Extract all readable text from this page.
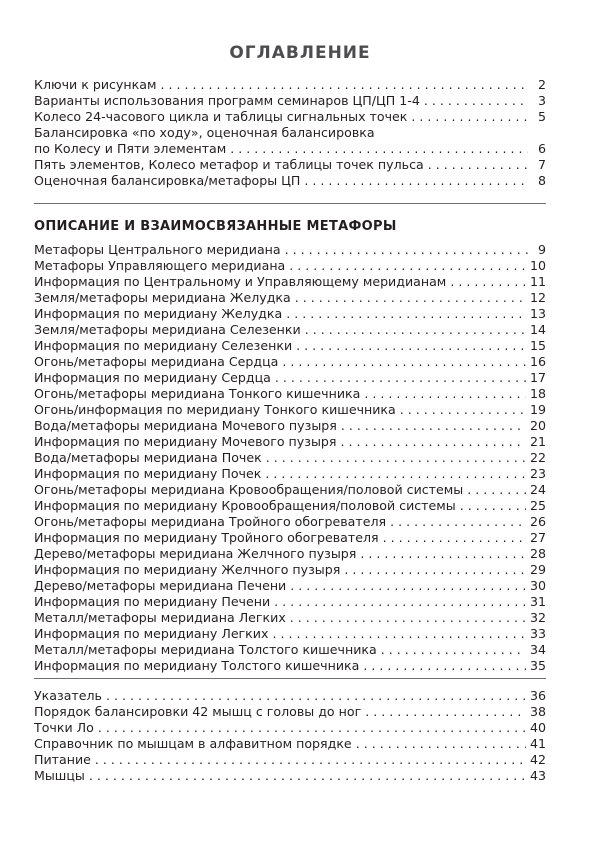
ОГЛАВЛЕНИЕ
Ключи к рисункам . . .	2
Варианты использования программ семинаров ЦП/ЦП 1-4 . . .	3
Колесо 24-часового цикла и таблицы сигнальных точек . . .	5
Балансировка «по ходу», оценочная балансировка
по Колесу и Пяти элементам . . .	6
Пять элементов, Колесо метафор и таблицы точек пульса . . .	7
Оценочная балансировка/метафоры ЦП . . .	8
ОПИСАНИЕ И ВЗАИМОСВЯЗАННЫЕ МЕТАФОРЫ
Метафоры Центрального меридиана . . .	9
Метафоры Управляющего меридиана . . .	10
Информация по Центральному и Управляющему меридианам . . .	11
Земля/метафоры меридиана Желудка . . .	12
Информация по меридиану Желудка . . .	13
Земля/метафоры меридиана Селезенки . . .	14
Информация по меридиану Селезенки . . .	15
Огонь/метафоры меридиана Сердца . . .	16
Информация по меридиану Сердца . . .	17
Огонь/метафоры меридиана Тонкого кишечника . . .	18
Огонь/информация по меридиану Тонкого кишечника . . .	19
Вода/метафоры меридиана Мочевого пузыря . . .	20
Информация по меридиану Мочевого пузыря . . .	21
Вода/метафоры меридиана Почек . . .	22
Информация по меридиану Почек . . .	23
Огонь/метафоры меридиана Кровообращения/половой системы . . .	24
Информация по меридиану Кровообращения/половой системы . . .	25
Огонь/метафоры меридиана Тройного обогревателя . . .	26
Информация по меридиану Тройного обогревателя . . .	27
Дерево/метафоры меридиана Желчного пузыря . . .	28
Информация по меридиану Желчного пузыря . . .	29
Дерево/метафоры меридиана Печени . . .	30
Информация по меридиану Печени . . .	31
Металл/метафоры меридиана Легких . . .	32
Информация по меридиану Легких . . .	33
Металл/метафоры меридиана Толстого кишечника . . .	34
Информация по меридиану Толстого кишечника . . .	35
Указатель . . .	36
Порядок балансировки 42 мышц с головы до ног . . .	38
Точки Ло . . .	40
Справочник по мышцам в алфавитном порядке . . .	41
Питание . . .	42
Мышцы . . .	43
